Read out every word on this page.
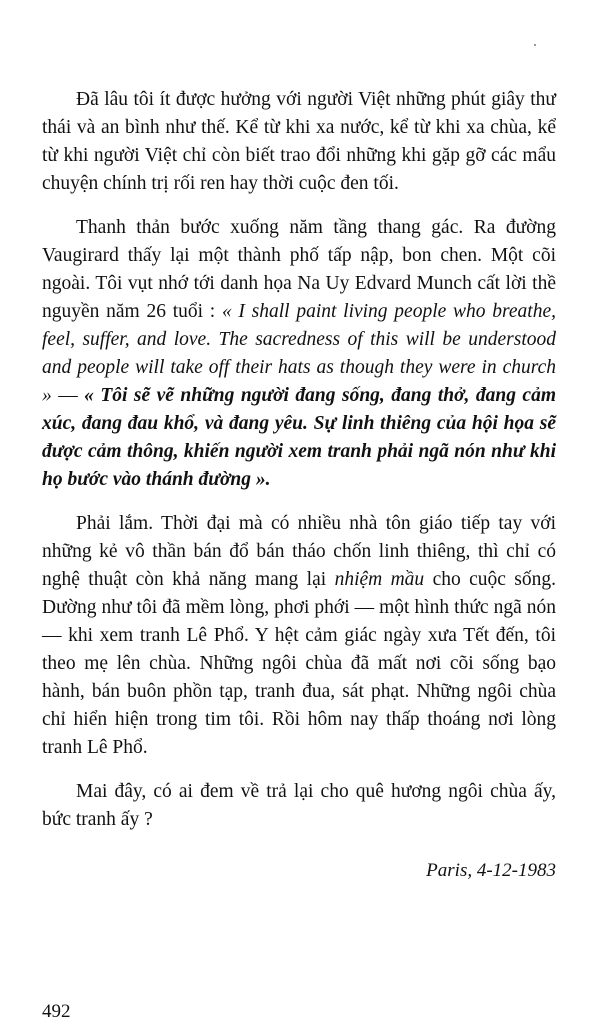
Đã lâu tôi ít được hưởng với người Việt những phút giây thư thái và an bình như thế. Kể từ khi xa nước, kể từ khi xa chùa, kể từ khi người Việt chỉ còn biết trao đổi những khi gặp gỡ các mẩu chuyện chính trị rối ren hay thời cuộc đen tối.

Thanh thản bước xuống năm tầng thang gác. Ra đường Vaugirard thấy lại một thành phố tấp nập, bon chen. Một cõi ngoài. Tôi vụt nhớ tới danh họa Na Uy Edvard Munch cất lời thề nguyền năm 26 tuổi : « I shall paint living people who breathe, feel, suffer, and love. The sacredness of this will be understood and people will take off their hats as though they were in church » — « Tôi sẽ vẽ những người đang sống, đang thở, đang cảm xúc, đang đau khổ, và đang yêu. Sự linh thiêng của hội họa sẽ được cảm thông, khiến người xem tranh phải ngã nón như khi họ bước vào thánh đường ».

Phải lắm. Thời đại mà có nhiều nhà tôn giáo tiếp tay với những kẻ vô thần bán đổ bán tháo chốn linh thiêng, thì chỉ có nghệ thuật còn khả năng mang lại nhiệm mầu cho cuộc sống. Dường như tôi đã mềm lòng, phơi phới — một hình thức ngã nón — khi xem tranh Lê Phổ. Y hệt cảm giác ngày xưa Tết đến, tôi theo mẹ lên chùa. Những ngôi chùa đã mất nơi cõi sống bạo hành, bán buôn phồn tạp, tranh đua, sát phạt. Những ngôi chùa chỉ hiển hiện trong tim tôi. Rồi hôm nay thấp thoáng nơi lòng tranh Lê Phổ.

Mai đây, có ai đem về trả lại cho quê hương ngôi chùa ấy, bức tranh ấy ?

Paris, 4-12-1983
492
